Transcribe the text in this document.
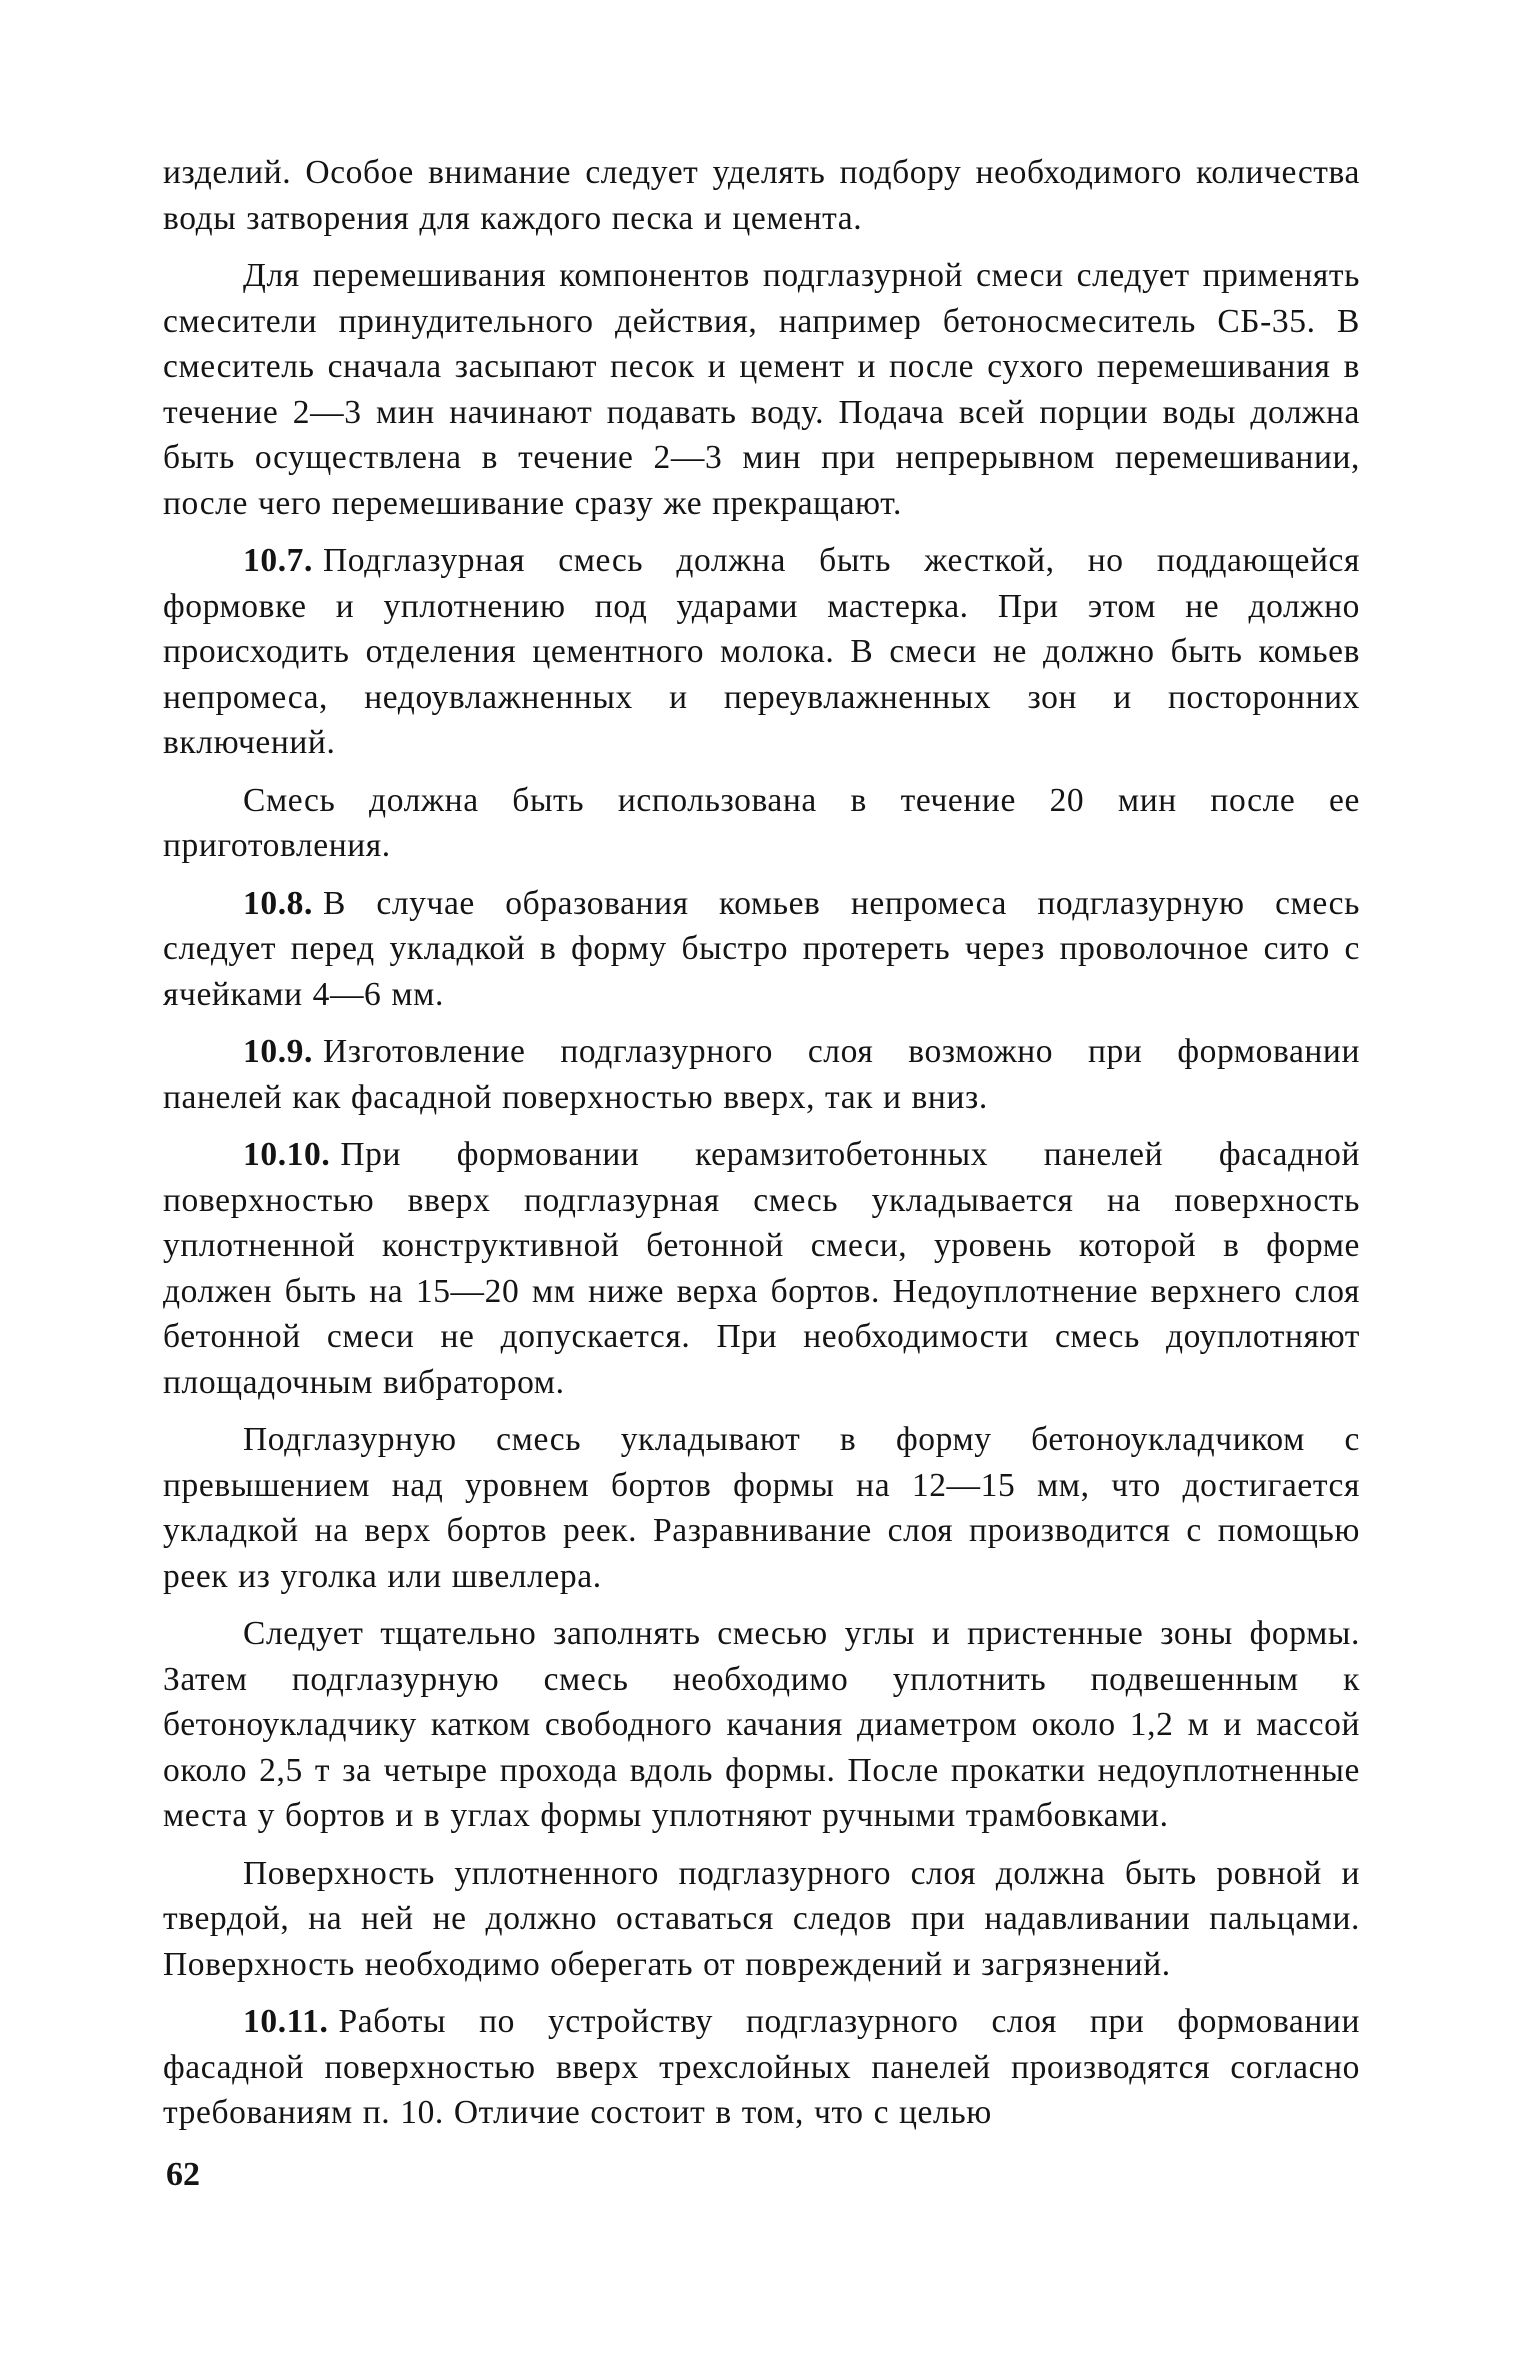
изделий. Особое внимание следует уделять подбору необходимого количества воды затворения для каждого песка и цемента.

Для перемешивания компонентов подглазурной смеси следует применять смесители принудительного действия, например бетоносмеситель СБ-35. В смеситель сначала засыпают песок и цемент и после сухого перемешивания в течение 2—3 мин начинают подавать воду. Подача всей порции воды должна быть осуществлена в течение 2—3 мин при непрерывном перемешивании, после чего перемешивание сразу же прекращают.

10.7. Подглазурная смесь должна быть жесткой, но поддающейся формовке и уплотнению под ударами мастерка. При этом не должно происходить отделения цементного молока. В смеси не должно быть комьев непромеса, недоувлажненных и переувлажненных зон и посторонних включений.

Смесь должна быть использована в течение 20 мин после ее приготовления.

10.8. В случае образования комьев непромеса подглазурную смесь следует перед укладкой в форму быстро протереть через проволочное сито с ячейками 4—6 мм.

10.9. Изготовление подглазурного слоя возможно при формовании панелей как фасадной поверхностью вверх, так и вниз.

10.10. При формовании керамзитобетонных панелей фасадной поверхностью вверх подглазурная смесь укладывается на поверхность уплотненной конструктивной бетонной смеси, уровень которой в форме должен быть на 15—20 мм ниже верха бортов. Недоуплотнение верхнего слоя бетонной смеси не допускается. При необходимости смесь доуплотняют площадочным вибратором.

Подглазурную смесь укладывают в форму бетоноукладчиком с превышением над уровнем бортов формы на 12—15 мм, что достигается укладкой на верх бортов реек. Разравнивание слоя производится с помощью реек из уголка или швеллера.

Следует тщательно заполнять смесью углы и пристенные зоны формы. Затем подглазурную смесь необходимо уплотнить подвешенным к бетоноукладчику катком свободного качания диаметром около 1,2 м и массой около 2,5 т за четыре прохода вдоль формы. После прокатки недоуплотненные места у бортов и в углах формы уплотняют ручными трамбовками.

Поверхность уплотненного подглазурного слоя должна быть ровной и твердой, на ней не должно оставаться следов при надавливании пальцами. Поверхность необходимо оберегать от повреждений и загрязнений.

10.11. Работы по устройству подглазурного слоя при формовании фасадной поверхностью вверх трехслойных панелей производятся согласно требованиям п. 10. Отличие состоит в том, что с целью

62
